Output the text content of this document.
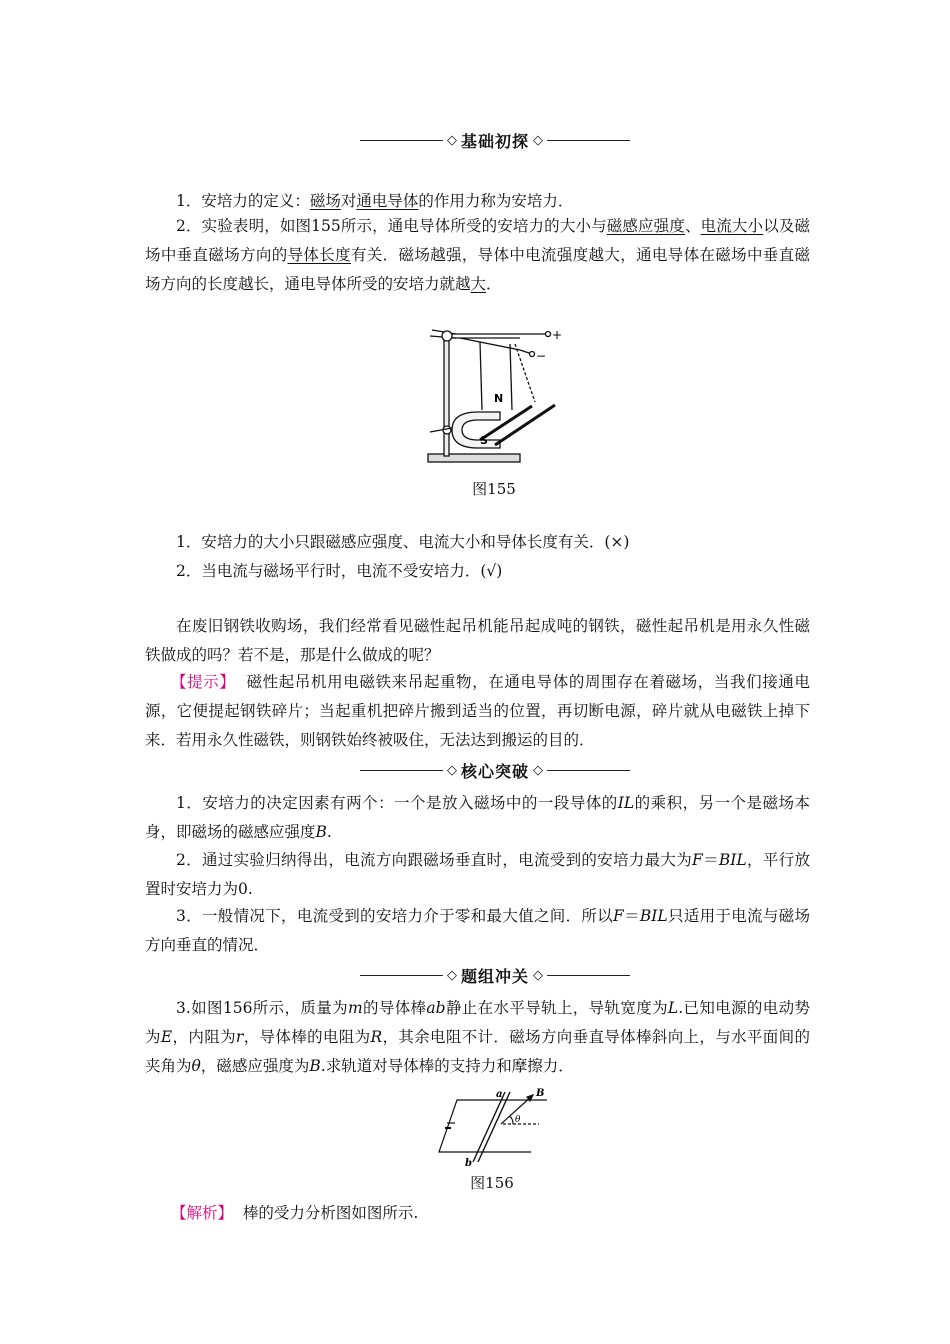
◇ 基础初探 ◇

1．安培力的定义：磁场对通电导体的作用力称为安培力．

2．实验表明，如图155所示，通电导体所受的安培力的大小与磁感应强度、电流大小以及磁场中垂直磁场方向的导体长度有关．磁场越强，导体中电流强度越大，通电导体在磁场中垂直磁场方向的长度越长，通电导体所受的安培力就越大．

N
S
+
−
图155

1．安培力的大小只跟磁感应强度、电流大小和导体长度有关．(×)

2．当电流与磁场平行时，电流不受安培力．(√)

在废旧钢铁收购场，我们经常看见磁性起吊机能吊起成吨的钢铁，磁性起吊机是用永久性磁铁做成的吗？若不是，那是什么做成的呢？

【提示】 磁性起吊机用电磁铁来吊起重物，在通电导体的周围存在着磁场，当我们接通电源，它便提起钢铁碎片；当起重机把碎片搬到适当的位置，再切断电源，碎片就从电磁铁上掉下来．若用永久性磁铁，则钢铁始终被吸住，无法达到搬运的目的．

◇ 核心突破 ◇

1．安培力的决定因素有两个：一个是放入磁场中的一段导体的IL的乘积，另一个是磁场本身，即磁场的磁感应强度B.

2．通过实验归纳得出，电流方向跟磁场垂直时，电流受到的安培力最大为F＝BIL，平行放置时安培力为0.

3．一般情况下，电流受到的安培力介于零和最大值之间．所以F＝BIL只适用于电流与磁场方向垂直的情况．

◇ 题组冲关 ◇

3.如图156所示，质量为m的导体棒ab静止在水平导轨上，导轨宽度为L.已知电源的电动势为E，内阻为r，导体棒的电阻为R，其余电阻不计．磁场方向垂直导体棒斜向上，与水平面间的夹角为θ，磁感应强度为B.求轨道对导体棒的支持力和摩擦力．

a
b
B
θ
图156

【解析】 棒的受力分析图如图所示.
